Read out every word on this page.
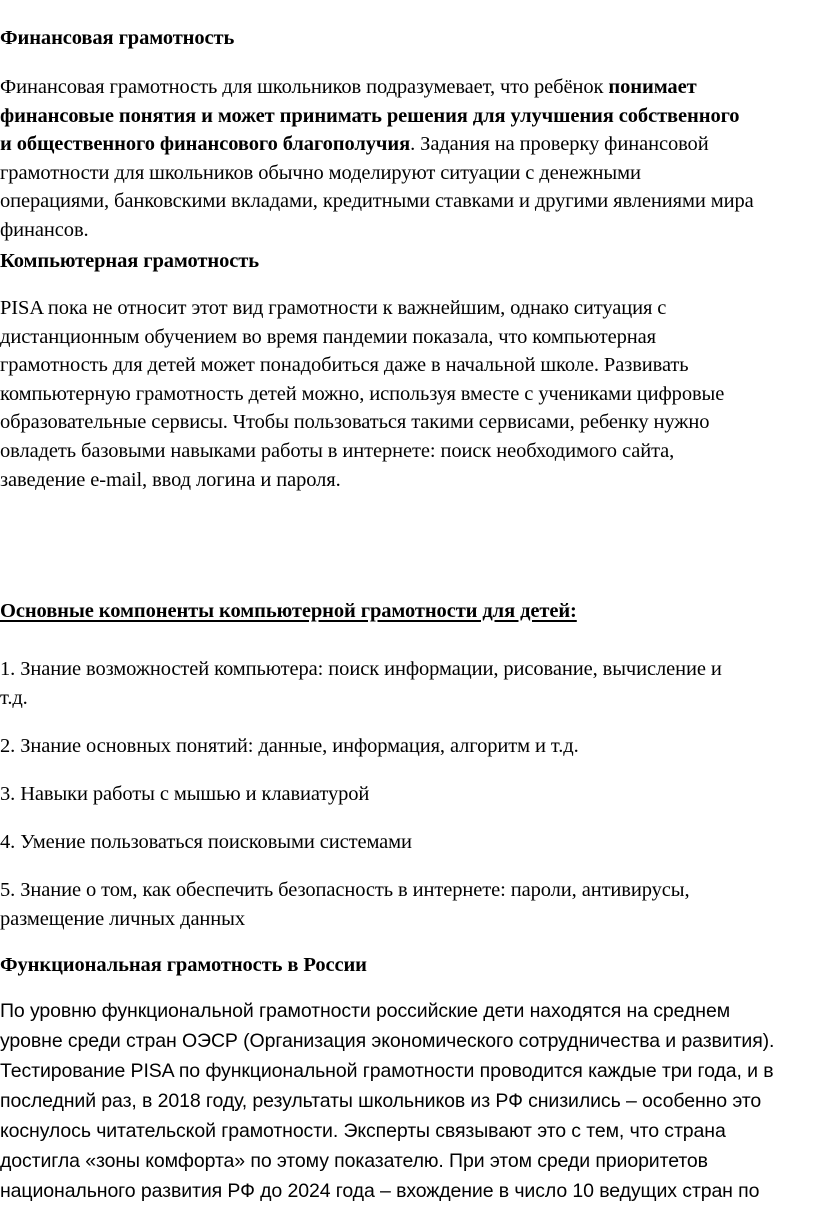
Финансовая грамотность
Финансовая грамотность для школьников подразумевает, что ребёнок понимает
финансовые понятия и может принимать решения для улучшения собственного
и общественного финансового благополучия. Задания на проверку финансовой
грамотности для школьников обычно моделируют ситуации с денежными
операциями, банковскими вкладами, кредитными ставками и другими явлениями мира
финансов.
Компьютерная грамотность
PISA пока не относит этот вид грамотности к важнейшим, однако ситуация с
дистанционным обучением во время пандемии показала, что компьютерная
грамотность для детей может понадобиться даже в начальной школе. Развивать
компьютерную грамотность детей можно, используя вместе с учениками цифровые
образовательные сервисы. Чтобы пользоваться такими сервисами, ребенку нужно
овладеть базовыми навыками работы в интернете: поиск необходимого сайта,
заведение e-mail, ввод логина и пароля.
Основные компоненты компьютерной грамотности для детей:
1. Знание возможностей компьютера: поиск информации, рисование, вычисление и
т.д.
2. Знание основных понятий: данные, информация, алгоритм и т.д.
3. Навыки работы с мышью и клавиатурой
4. Умение пользоваться поисковыми системами
5. Знание о том, как обеспечить безопасность в интернете: пароли, антивирусы,
размещение личных данных
Функциональная грамотность в России
По уровню функциональной грамотности российские дети находятся на среднем
уровне среди стран ОЭСР (Организация экономического сотрудничества и развития).
Тестирование PISA по функциональной грамотности проводится каждые три года, и в
последний раз, в 2018 году, результаты школьников из РФ снизились – особенно это
коснулось читательской грамотности. Эксперты связывают это с тем, что страна
достигла «зоны комфорта» по этому показателю. При этом среди приоритетов
национального развития РФ до 2024 года – вхождение в число 10 ведущих стран по
